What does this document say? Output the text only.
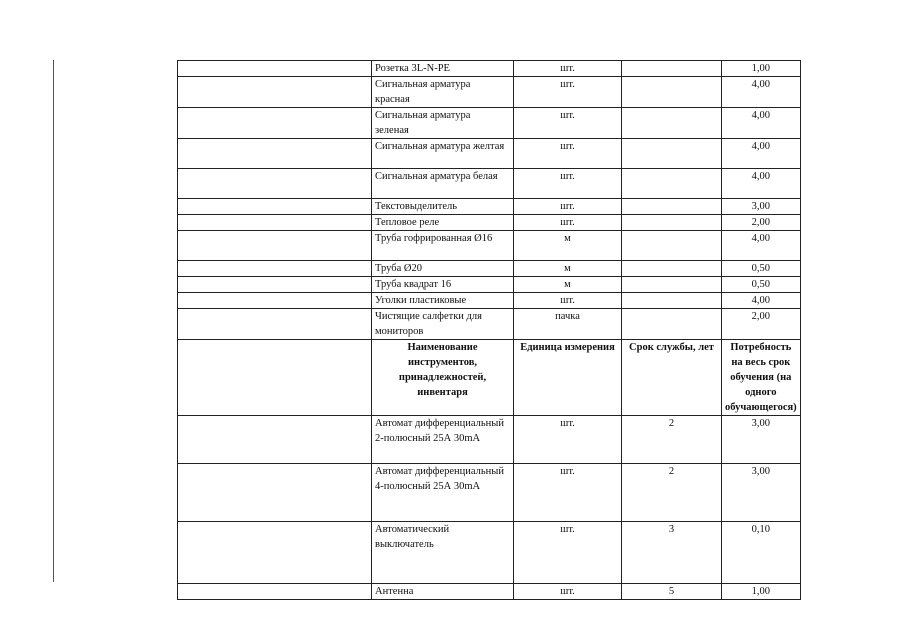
	Розетка 3L-N-PE	шт.		1,00

	Сигнальная арматура красная	шт.		4,00

	Сигнальная арматура зеленая	шт.		4,00

	Сигнальная арматура желтая	шт.		4,00

	Сигнальная арматура белая	шт.		4,00
	Текстовыделитель	шт.		3,00
	Тепловое реле	шт.		2,00
	Труба гофрированная Ø16	м		4,00
	Труба Ø20	м		0,50
	Труба квадрат 16	м		0,50
	Уголки пластиковые	шт.		4,00

	Чистящие салфетки для мониторов	пачка		2,00
	Наименование инструментов, принадлежностей, инвентаря	Единица измерения	Срок службы, лет	Потребность на весь срок обучения (на одного обучающегося)

	Автомат дифференциальный 2-полюсный 25А 30mA	шт.	2	3,00

	Автомат дифференциальный 4-полюсный 25А 30mA	шт.	2	3,00

	Автоматический выключатель	шт.	3	0,10
	Антенна	шт.	5	1,00
